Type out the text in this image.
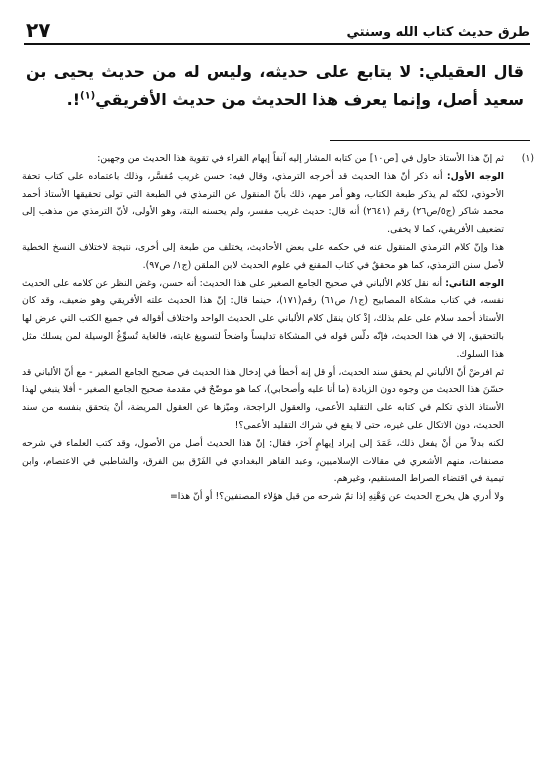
طرق حديث كتاب الله وسنتي
٢٧

قال العقيلي: لا يتابع على حديثه، وليس له من حديث يحيى بن سعيد أصل، وإنما يعرف هذا الحديث من حديث الأفريقي$^{(١)}$!.

(١)

ثم إنّ هذا الأستاذ حاول في [ص١٠] من كتابه المشار إليه آنفاً إيهام القراء في تقوية هذا الحديث من وجهين:

الوجه الأول: أنه ذكر أنّ هذا الحديث قد أخرجه الترمذي، وقال فيه: حسن غريب مُفسَّر، وذلك باعتماده على كتاب تحفة الأحوذي، لكنّه لم يذكر طبعة الكتاب، وهو أمر مهم، ذلك بأنّ المنقول عن الترمذي في الطبعة التي تولى تحقيقها الأستاذ أحمد محمد شاكر (ج٥/ص٢٦) رقم (٢٦٤١) أنه قال: حديث غريب مفسر، ولم يحسنه البتة، وهو الأولى، لأنّ الترمذي من مذهب إلى تضعيف الأفريقي، كما لا يخفى.

هذا وإنّ كلام الترمذي المنقول عنه في حكمه على بعض الأحاديث، يختلف من طبعة إلى أخرى، نتيجة لاختلاف النسخ الخطية لأصل سنن الترمذي، كما هو محققٌ في كتاب المقنع في علوم الحديث لابن الملقن (ج١/ ص٩٧).

الوجه الثاني: أنه نقل كلام الألباني في صحيح الجامع الصغير على هذا الحديث: أنه حسن، وغض النظر عن كلامه على الحديث نفسه، في كتاب مشكاة المصابيح (ج١/ ص٦١) رقم(١٧١)، حينما قال: إنّ هذا الحديث علته الأفريقي وهو ضعيف، وقد كان الأستاذ أحمد سلام على علم بذلك، إذْ كان ينقل كلام الألباني على الحديث الواحد واختلاف أقواله في جميع الكتب التي عرض لها بالتحقيق، إلا في هذا الحديث، فإنّه دلّس قوله في المشكاة تدليساً واضحاً لتسويغ غايته، فالغاية تُسوِّغُ الوسيلة لمن يسلك مثل هذا السلوك.

ثم افرضْ أنّ الألباني لم يحقق سند الحديث، أو قل إنه أخطأ في إدخال هذا الحديث في صحيح الجامع الصغير - مع أنّ الألباني قد حسّنَ هذا الحديث من وجوه دون الزيادة (ما أنا عليه وأصحابي)، كما هو موضّحٌ في مقدمة صحيح الجامع الصغير - أفلا ينبغي لهذا الأستاذ الذي تكلم في كتابه على التقليد الأعمى، والعقول الراجحة، وميّزها عن العقول المريضة، أنْ يتحقق بنفسه من سند الحديث، دون الاتكال على غيره، حتى لا يقع في شراك التقليد الأعمى؟!

لكنه بدلاً من أنْ يفعل ذلك، عَمَدَ إلى إيراد إيهامٍ آخرَ، فقال: إنّ هذا الحديث أصل من الأصول، وقد كتب العلماء في شرحه مصنفات، منهم الأشعري في مقالات الإسلاميين، وعبد القاهر البغدادي في الفَرْق بين الفرق، والشاطبي في الاعتصام، وابن تيمية في اقتضاء الصراط المستقيم، وغيرهم.

ولا أدري هل يخرج الحديث عن وَهْنِهِ إذا تمّ شرحه من قبل هؤلاء المصنفين؟! أو أنّ هذا=
